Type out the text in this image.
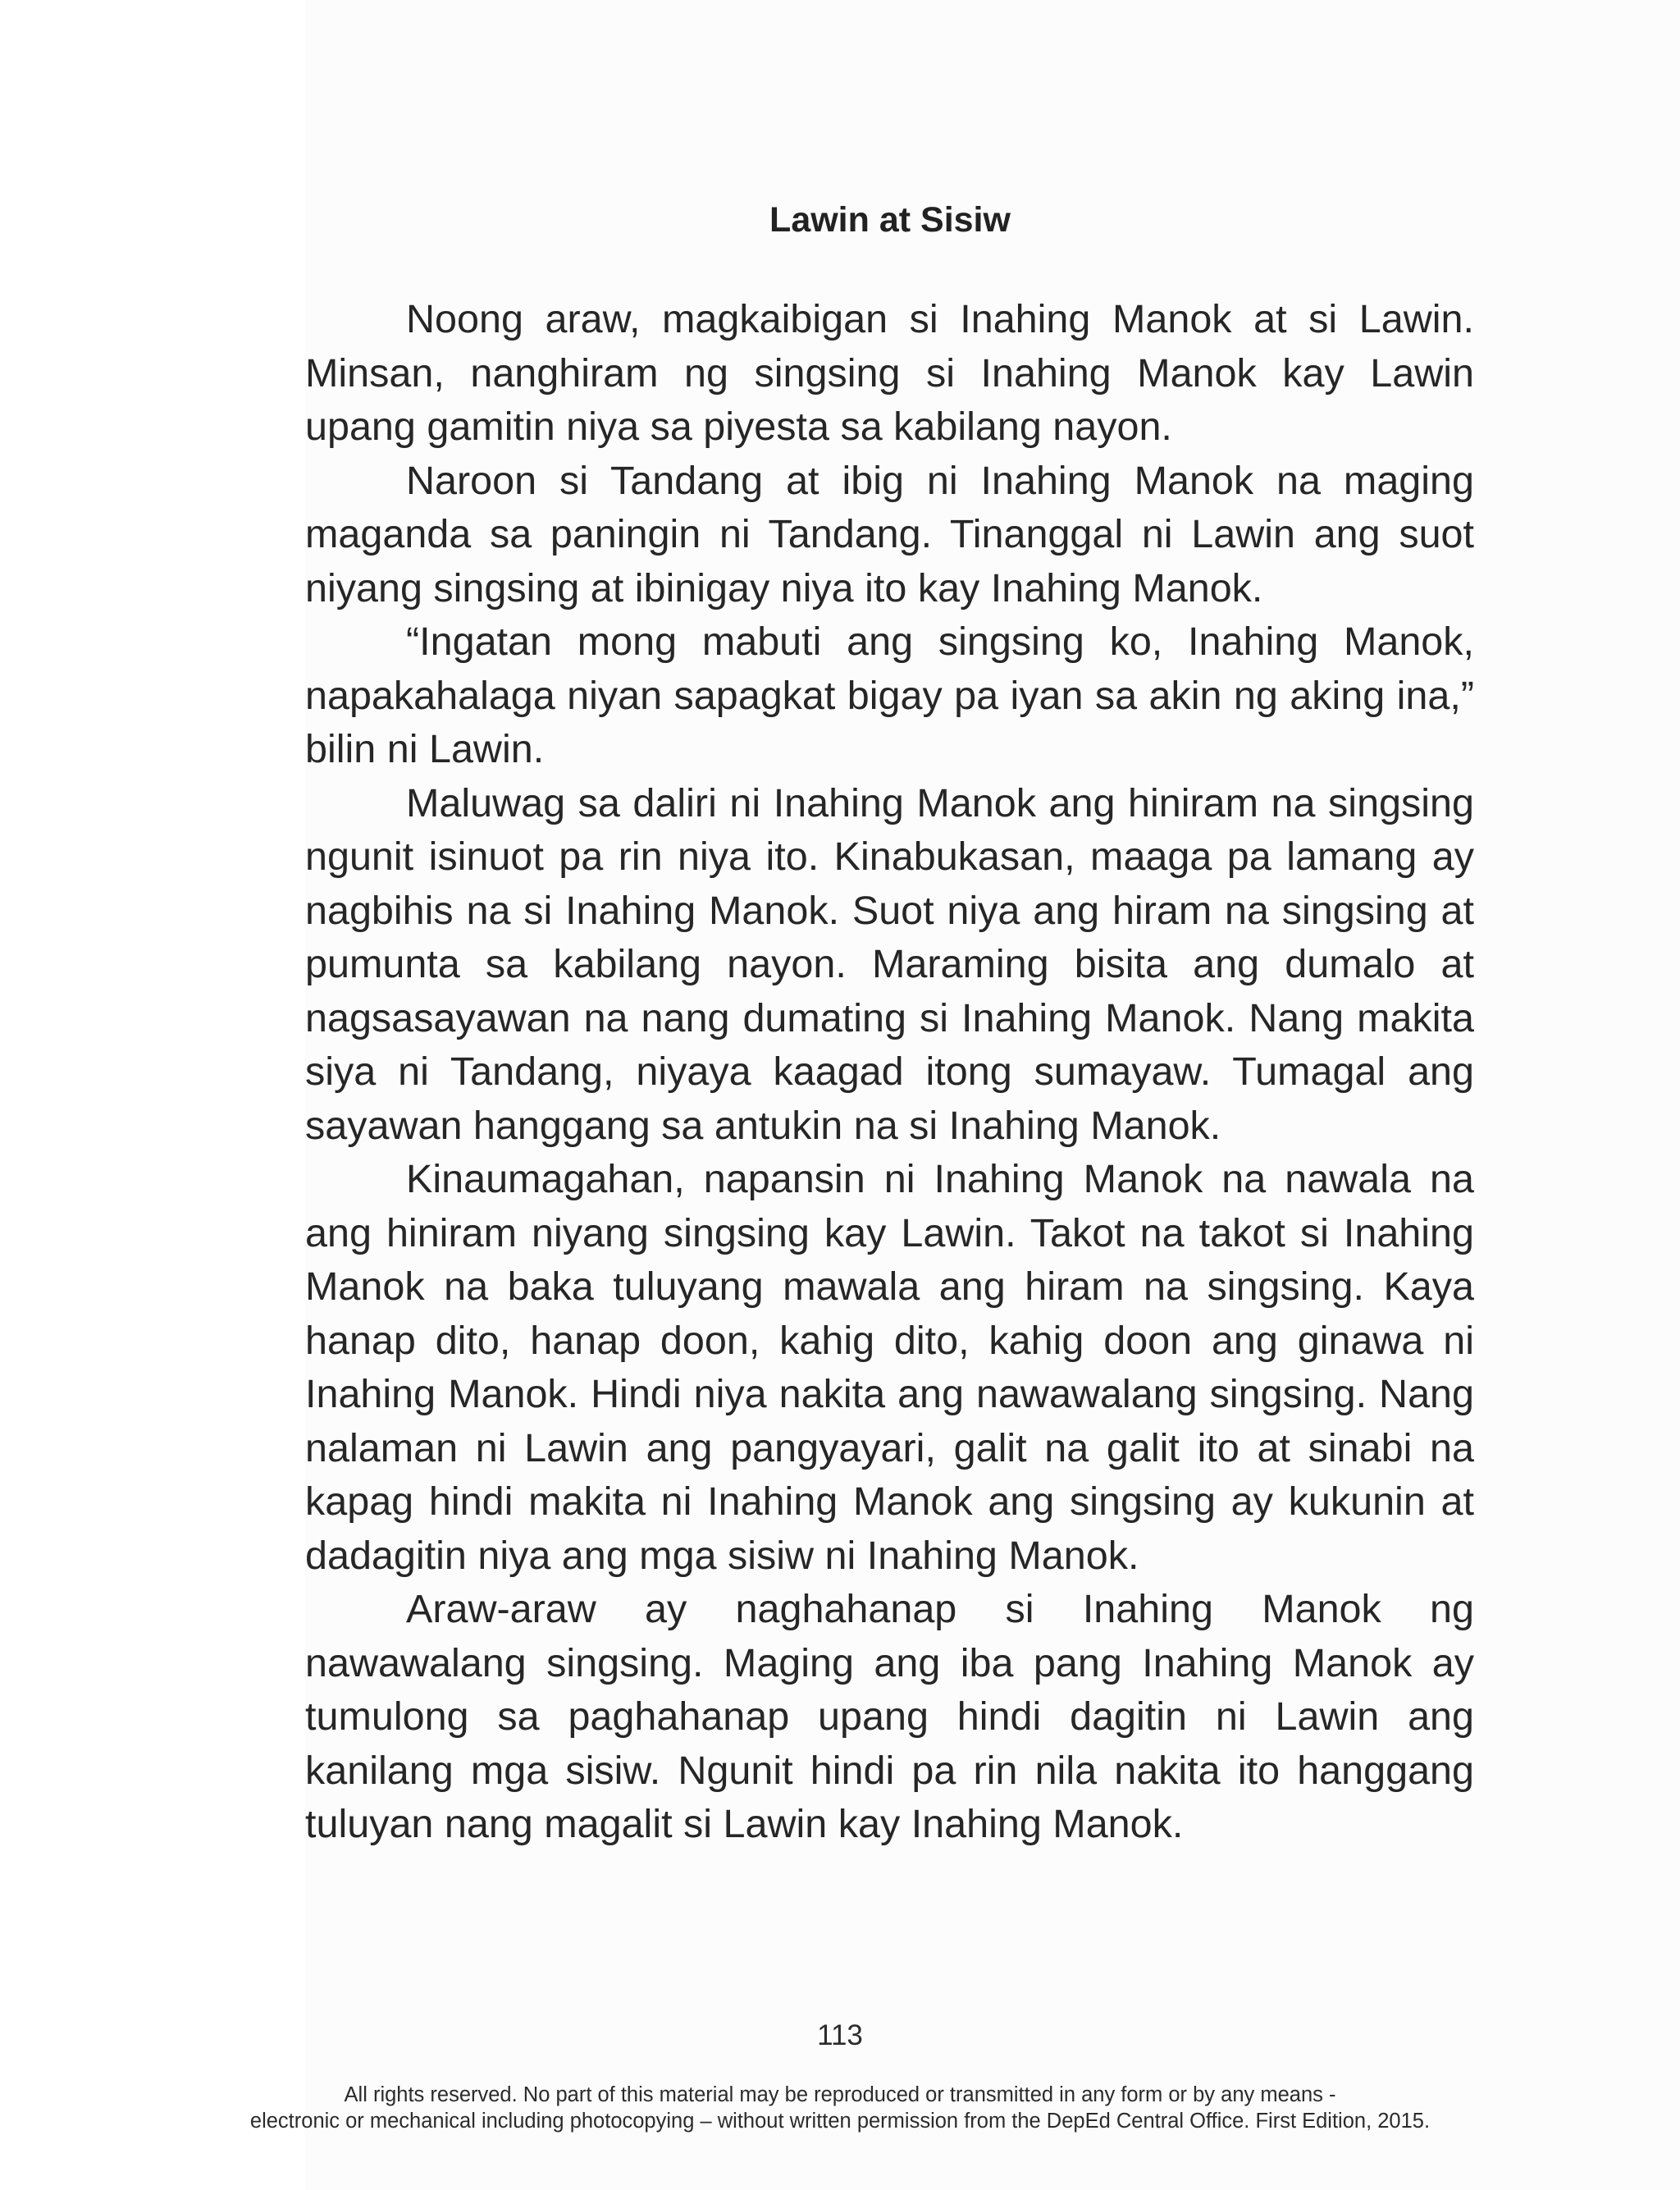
Lawin at Sisiw

Noong araw, magkaibigan si Inahing Manok at si Lawin. Minsan, nanghiram ng singsing si Inahing Manok kay Lawin upang gamitin niya sa piyesta sa kabilang nayon.

Naroon si Tandang at ibig ni Inahing Manok na maging maganda sa paningin ni Tandang. Tinanggal ni Lawin ang suot niyang singsing at ibinigay niya ito kay Inahing Manok.

“Ingatan mong mabuti ang singsing ko, Inahing Manok, napakahalaga niyan sapagkat bigay pa iyan sa akin ng aking ina,” bilin ni Lawin.

Maluwag sa daliri ni Inahing Manok ang hiniram na singsing ngunit isinuot pa rin niya ito. Kinabukasan, maaga pa lamang ay nagbihis na si Inahing Manok. Suot niya ang hiram na singsing at pumunta sa kabilang nayon. Maraming bisita ang dumalo at nagsasayawan na nang dumating si Inahing Manok. Nang makita siya ni Tandang, niyaya kaagad itong sumayaw. Tumagal ang sayawan hanggang sa antukin na si Inahing Manok.

Kinaumagahan, napansin ni Inahing Manok na nawala na ang hiniram niyang singsing kay Lawin. Takot na takot si Inahing Manok na baka tuluyang mawala ang hiram na singsing. Kaya hanap dito, hanap doon, kahig dito, kahig doon ang ginawa ni Inahing Manok. Hindi niya nakita ang nawawalang singsing. Nang nalaman ni Lawin ang pangyayari, galit na galit ito at sinabi na kapag hindi makita ni Inahing Manok ang singsing ay kukunin at dadagitin niya ang mga sisiw ni Inahing Manok.

Araw-araw ay naghahanap si Inahing Manok ng nawawalang singsing. Maging ang iba pang Inahing Manok ay tumulong sa paghahanap upang hindi dagitin ni Lawin ang kanilang mga sisiw. Ngunit hindi pa rin nila nakita ito hanggang tuluyan nang magalit si Lawin kay Inahing Manok.

113
All rights reserved. No part of this material may be reproduced or transmitted in any form or by any means -
electronic or mechanical including photocopying – without written permission from the DepEd Central Office. First Edition, 2015.
